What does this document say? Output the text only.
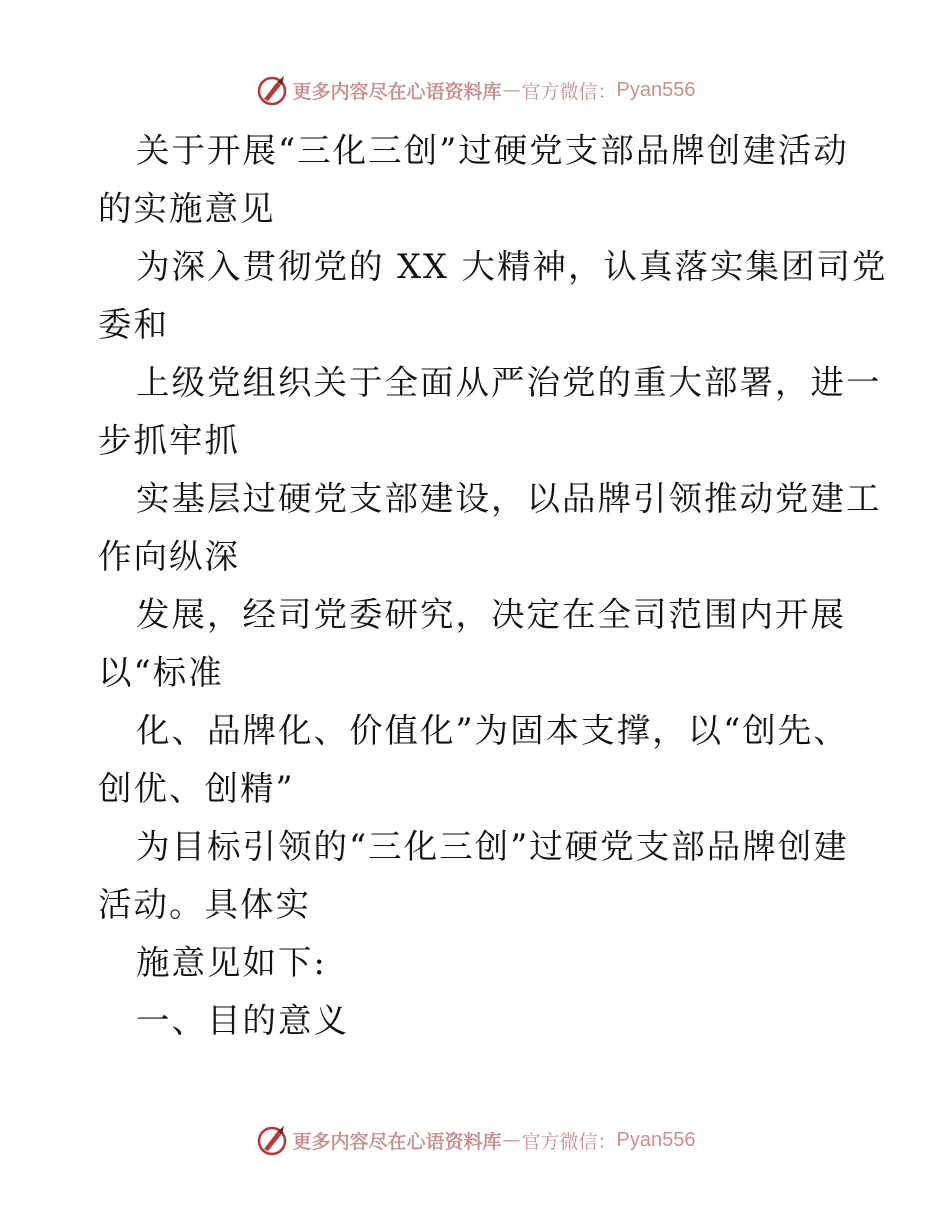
更多内容尽在心语资料库 — 官方微信： Pyan556
关于开展“三化三创”过硬党支部品牌创建活动
的实施意见
为深入贯彻党的 XX 大精神，认真落实集团司党
委和
上级党组织关于全面从严治党的重大部署，进一
步抓牢抓
实基层过硬党支部建设，以品牌引领推动党建工
作向纵深
发展，经司党委研究，决定在全司范围内开展
以“标准
化、品牌化、价值化”为固本支撑，以“创先、
创优、创精”
为目标引领的“三化三创”过硬党支部品牌创建
活动。具体实
施意见如下:
一、目的意义
更多内容尽在心语资料库 — 官方微信： Pyan556
